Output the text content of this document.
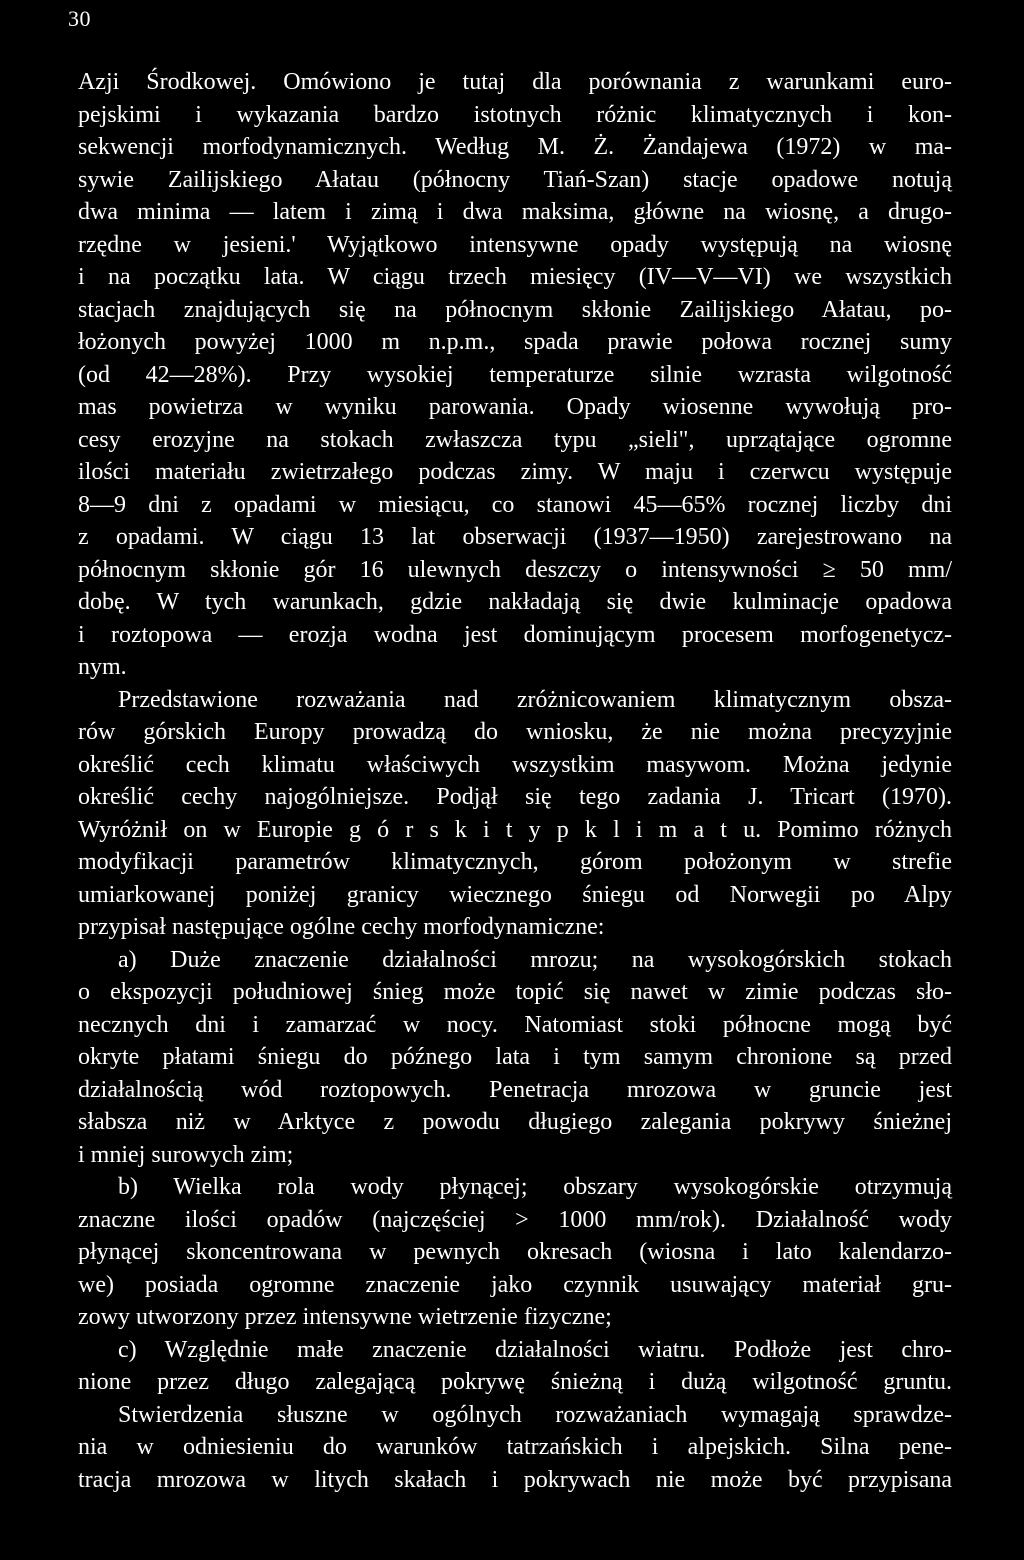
30
Azji Środkowej. Omówiono je tutaj dla porównania z warunkami euro-
pejskimi i wykazania bardzo istotnych różnic klimatycznych i kon-
sekwencji morfodynamicznych. Według M. Ż. Żandajewa (1972) w ma-
sywie Zailijskiego Ałatau (północny Tiań-Szan) stacje opadowe notują
dwa minima — latem i zimą i dwa maksima, główne na wiosnę, a drugo-
rzędne w jesieni.' Wyjątkowo intensywne opady występują na wiosnę
i na początku lata. W ciągu trzech miesięcy (IV—V—VI) we wszystkich
stacjach znajdujących się na północnym skłonie Zailijskiego Ałatau, po-
łożonych powyżej 1000 m n.p.m., spada prawie połowa rocznej sumy
(od 42—28%). Przy wysokiej temperaturze silnie wzrasta wilgotność
mas powietrza w wyniku parowania. Opady wiosenne wywołują pro-
cesy erozyjne na stokach zwłaszcza typu „sieli", uprzątające ogromne
ilości materiału zwietrzałego podczas zimy. W maju i czerwcu występuje
8—9 dni z opadami w miesiącu, co stanowi 45—65% rocznej liczby dni
z opadami. W ciągu 13 lat obserwacji (1937—1950) zarejestrowano na
północnym skłonie gór 16 ulewnych deszczy o intensywności ≥ 50 mm/
dobę. W tych warunkach, gdzie nakładają się dwie kulminacje opadowa
i roztopowa — erozja wodna jest dominującym procesem morfogenetycz-
nym.
Przedstawione rozważania nad zróżnicowaniem klimatycznym obsza-
rów górskich Europy prowadzą do wniosku, że nie można precyzyjnie
określić cech klimatu właściwych wszystkim masywom. Można jedynie
określić cechy najogólniejsze. Podjął się tego zadania J. Tricart (1970).
Wyróżnił on w Europie g ó r s k i t y p k l i m a t u. Pomimo różnych
modyfikacji parametrów klimatycznych, górom położonym w strefie
umiarkowanej poniżej granicy wiecznego śniegu od Norwegii po Alpy
przypisał następujące ogólne cechy morfodynamiczne:
a) Duże znaczenie działalności mrozu; na wysokogórskich stokach
o ekspozycji południowej śnieg może topić się nawet w zimie podczas sło-
necznych dni i zamarzać w nocy. Natomiast stoki północne mogą być
okryte płatami śniegu do późnego lata i tym samym chronione są przed
działalnością wód roztopowych. Penetracja mrozowa w gruncie jest
słabsza niż w Arktyce z powodu długiego zalegania pokrywy śnieżnej
i mniej surowych zim;
b) Wielka rola wody płynącej; obszary wysokogórskie otrzymują
znaczne ilości opadów (najczęściej > 1000 mm/rok). Działalność wody
płynącej skoncentrowana w pewnych okresach (wiosna i lato kalendarzo-
we) posiada ogromne znaczenie jako czynnik usuwający materiał gru-
zowy utworzony przez intensywne wietrzenie fizyczne;
c) Względnie małe znaczenie działalności wiatru. Podłoże jest chro-
nione przez długo zalegającą pokrywę śnieżną i dużą wilgotność gruntu.
Stwierdzenia słuszne w ogólnych rozważaniach wymagają sprawdze-
nia w odniesieniu do warunków tatrzańskich i alpejskich. Silna pene-
tracja mrozowa w litych skałach i pokrywach nie może być przypisana
